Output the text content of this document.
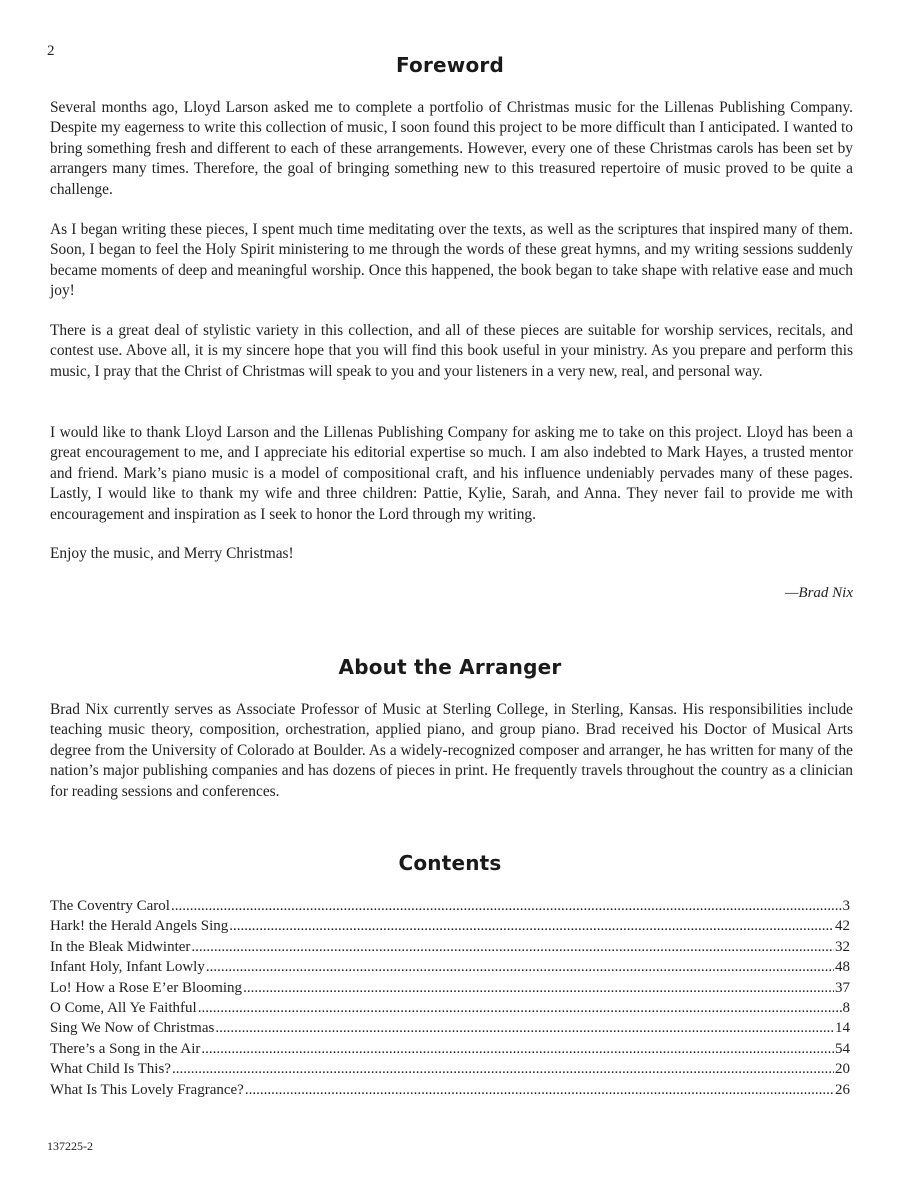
2
Foreword
Several months ago, Lloyd Larson asked me to complete a portfolio of Christmas music for the Lillenas Publishing Company. Despite my eagerness to write this collection of music, I soon found this project to be more difficult than I anticipated. I wanted to bring something fresh and different to each of these arrangements. However, every one of these Christmas carols has been set by arrangers many times. Therefore, the goal of bringing something new to this treasured repertoire of music proved to be quite a challenge.
As I began writing these pieces, I spent much time meditating over the texts, as well as the scriptures that inspired many of them. Soon, I began to feel the Holy Spirit ministering to me through the words of these great hymns, and my writing sessions suddenly became moments of deep and meaningful worship. Once this happened, the book began to take shape with relative ease and much joy!
There is a great deal of stylistic variety in this collection, and all of these pieces are suitable for worship services, recitals, and contest use. Above all, it is my sincere hope that you will find this book useful in your ministry. As you prepare and perform this music, I pray that the Christ of Christmas will speak to you and your listeners in a very new, real, and personal way.
I would like to thank Lloyd Larson and the Lillenas Publishing Company for asking me to take on this project. Lloyd has been a great encouragement to me, and I appreciate his editorial expertise so much. I am also indebted to Mark Hayes, a trusted mentor and friend. Mark’s piano music is a model of compositional craft, and his influence undeniably pervades many of these pages. Lastly, I would like to thank my wife and three children: Pattie, Kylie, Sarah, and Anna. They never fail to provide me with encouragement and inspiration as I seek to honor the Lord through my writing.
Enjoy the music, and Merry Christmas!
—Brad Nix
About the Arranger
Brad Nix currently serves as Associate Professor of Music at Sterling College, in Sterling, Kansas. His responsibilities include teaching music theory, composition, orchestration, applied piano, and group piano. Brad received his Doctor of Musical Arts degree from the University of Colorado at Boulder. As a widely-recognized composer and arranger, he has written for many of the nation’s major publishing companies and has dozens of pieces in print. He frequently travels throughout the country as a clinician for reading sessions and conferences.
Contents
The Coventry Carol .....	3
Hark! the Herald Angels Sing .....	42
In the Bleak Midwinter .....	32
Infant Holy, Infant Lowly .....	48
Lo! How a Rose E’er Blooming .....	37
O Come, All Ye Faithful .....	8
Sing We Now of Christmas .....	14
There’s a Song in the Air .....	54
What Child Is This? .....	20
What Is This Lovely Fragrance? .....	26
137225-2
